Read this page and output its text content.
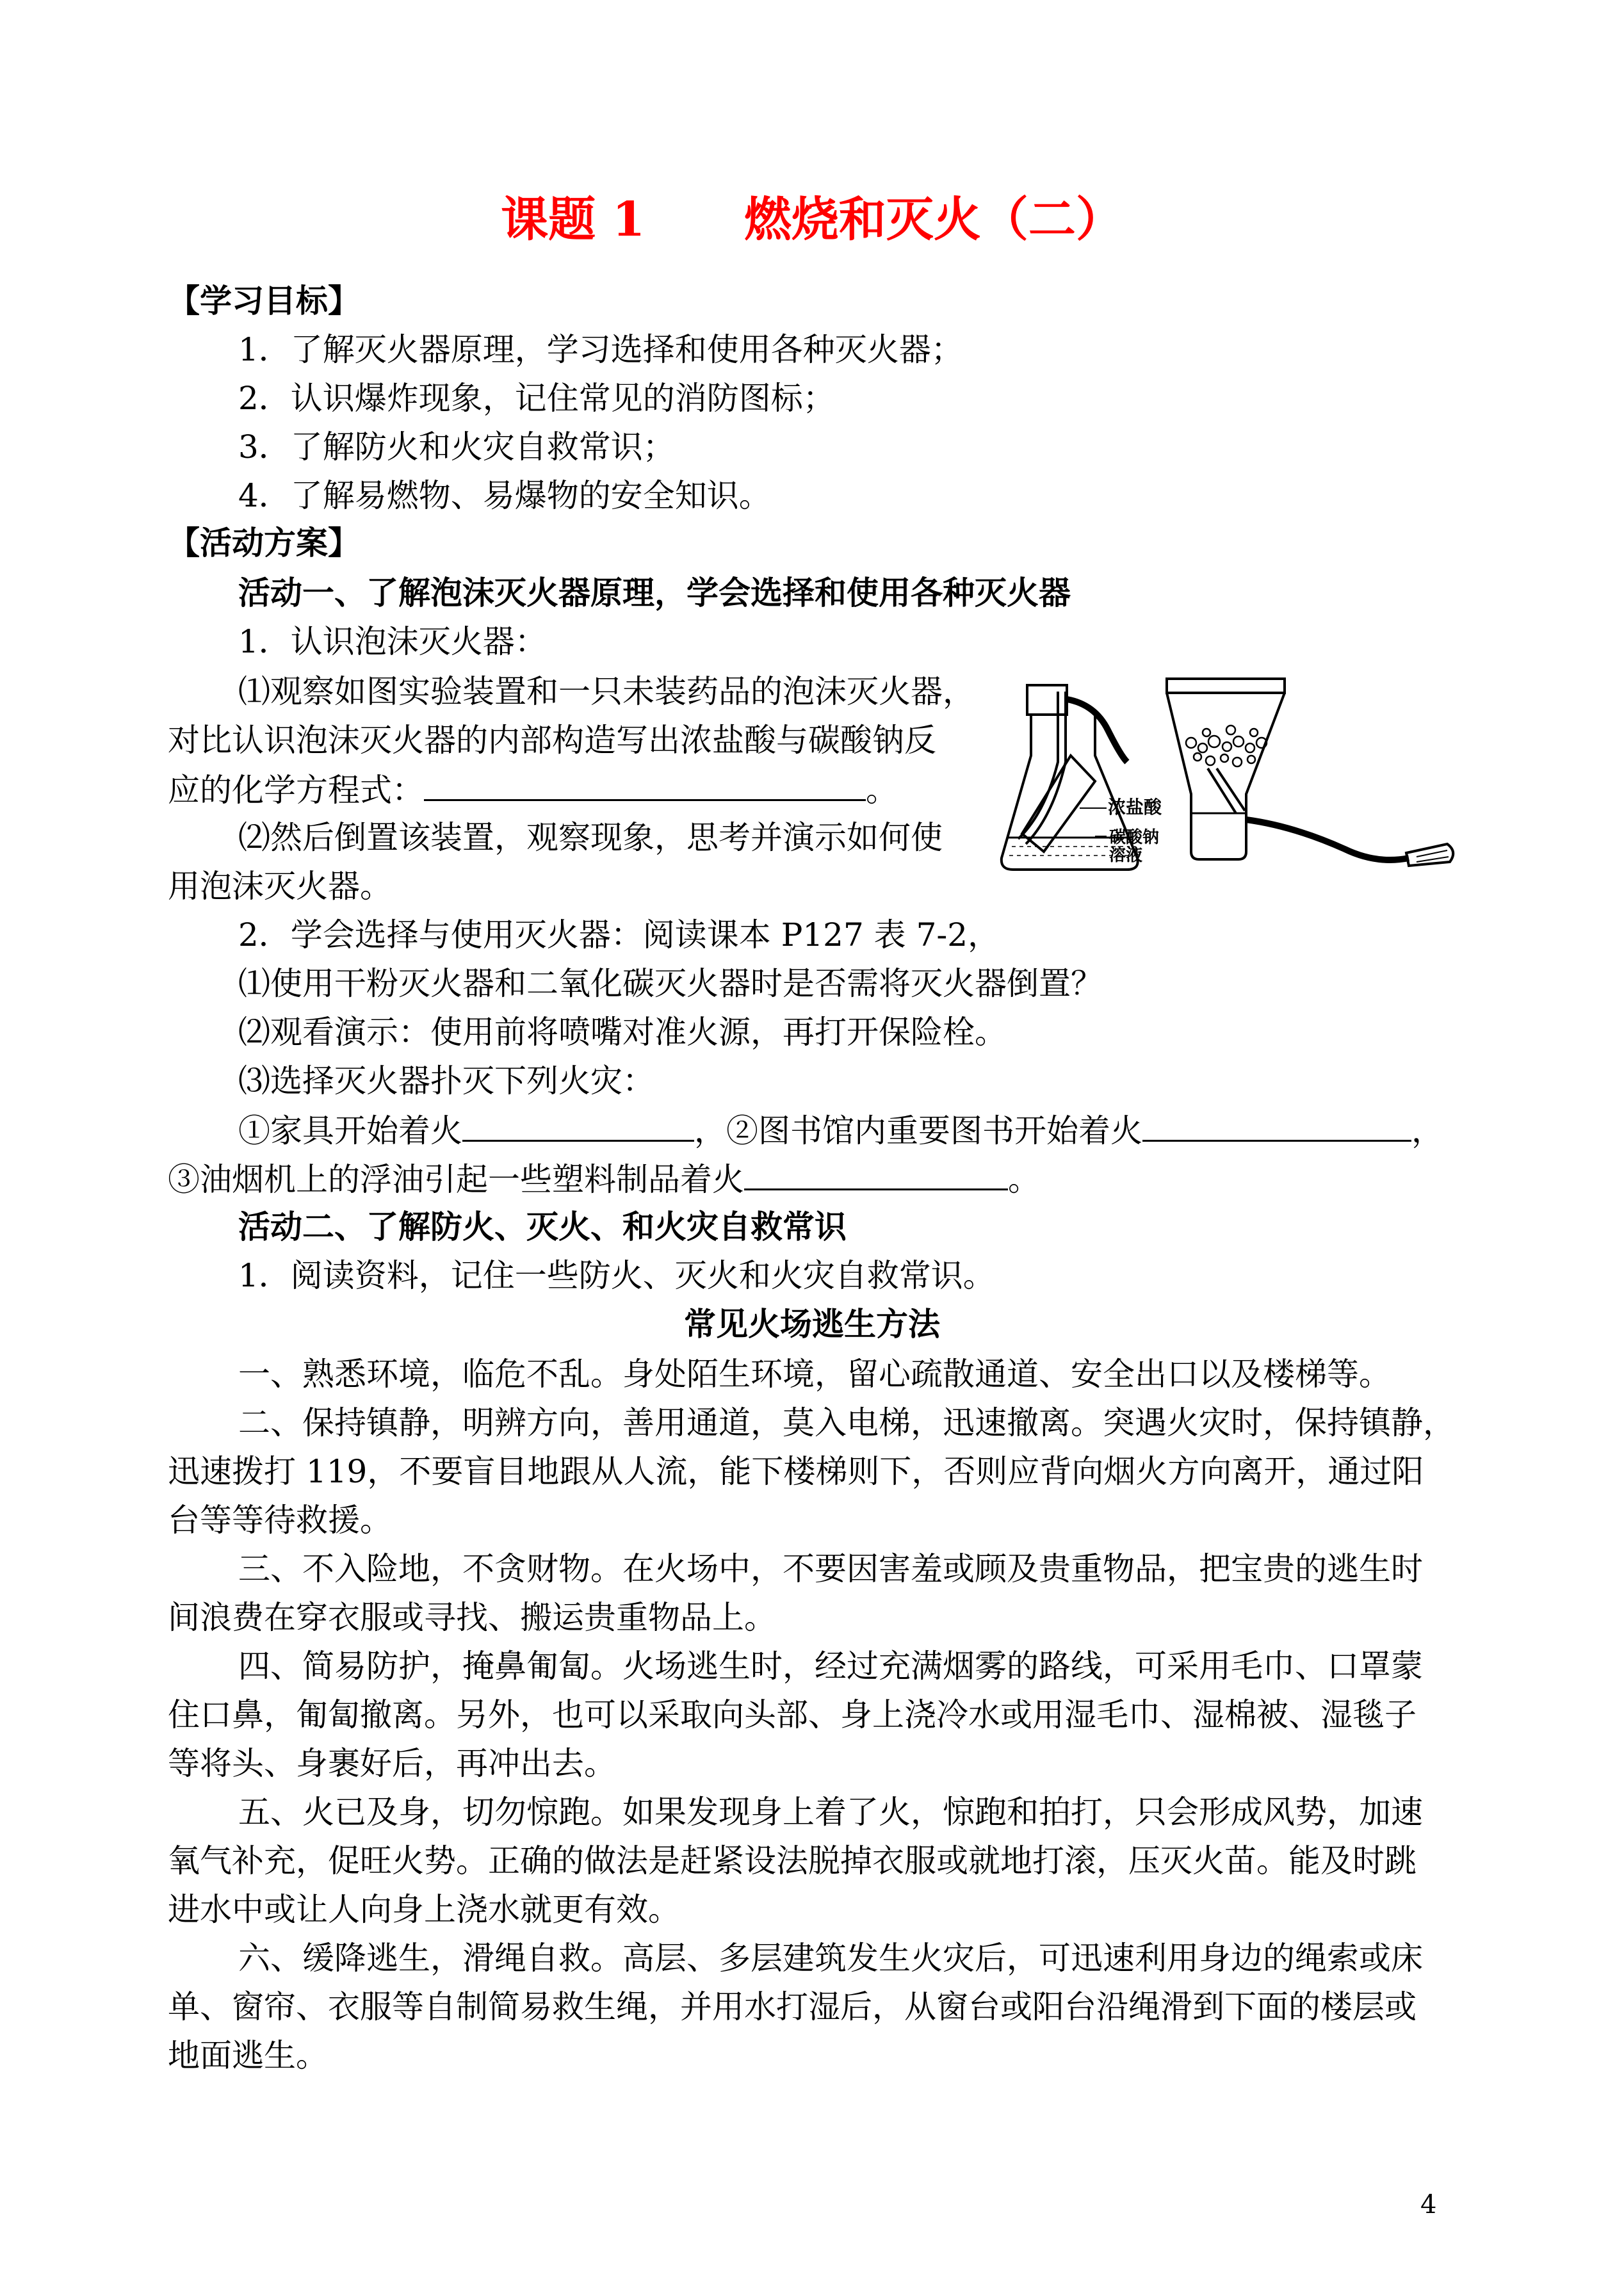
课题 1      燃烧和灭火（二）
【学习目标】
1．了解灭火器原理，学习选择和使用各种灭火器；
2．认识爆炸现象，记住常见的消防图标；
3．了解防火和火灾自救常识；
4．了解易燃物、易爆物的安全知识。
【活动方案】
活动一、了解泡沫灭火器原理，学会选择和使用各种灭火器
1．认识泡沫灭火器：
⑴观察如图实验装置和一只未装药品的泡沫灭火器，
对比认识泡沫灭火器的内部构造写出浓盐酸与碳酸钠反
应的化学方程式：	。
⑵然后倒置该装置，观察现象，思考并演示如何使
用泡沫灭火器。
浓盐酸
碳酸钠
溶液
2．学会选择与使用灭火器：阅读课本 P127 表 7-2，
⑴使用干粉灭火器和二氧化碳灭火器时是否需将灭火器倒置？
⑵观看演示：使用前将喷嘴对准火源，再打开保险栓。
⑶选择灭火器扑灭下列火灾：
①家具开始着火	，②图书馆内重要图书开始着火	，
③油烟机上的浮油引起一些塑料制品着火	。
活动二、了解防火、灭火、和火灾自救常识
1．阅读资料，记住一些防火、灭火和火灾自救常识。
常见火场逃生方法
一、熟悉环境，临危不乱。身处陌生环境，留心疏散通道、安全出口以及楼梯等。
二、保持镇静，明辨方向，善用通道，莫入电梯，迅速撤离。突遇火灾时，保持镇静，
迅速拨打 119，不要盲目地跟从人流，能下楼梯则下，否则应背向烟火方向离开，通过阳
台等等待救援。
三、不入险地，不贪财物。在火场中，不要因害羞或顾及贵重物品，把宝贵的逃生时
间浪费在穿衣服或寻找、搬运贵重物品上。
四、简易防护，掩鼻匍匐。火场逃生时，经过充满烟雾的路线，可采用毛巾、口罩蒙
住口鼻，匍匐撤离。另外，也可以采取向头部、身上浇冷水或用湿毛巾、湿棉被、湿毯子
等将头、身裹好后，再冲出去。
五、火已及身，切勿惊跑。如果发现身上着了火，惊跑和拍打，只会形成风势，加速
氧气补充，促旺火势。正确的做法是赶紧设法脱掉衣服或就地打滚，压灭火苗。能及时跳
进水中或让人向身上浇水就更有效。
六、缓降逃生，滑绳自救。高层、多层建筑发生火灾后，可迅速利用身边的绳索或床
单、窗帘、衣服等自制简易救生绳，并用水打湿后，从窗台或阳台沿绳滑到下面的楼层或
地面逃生。
4
